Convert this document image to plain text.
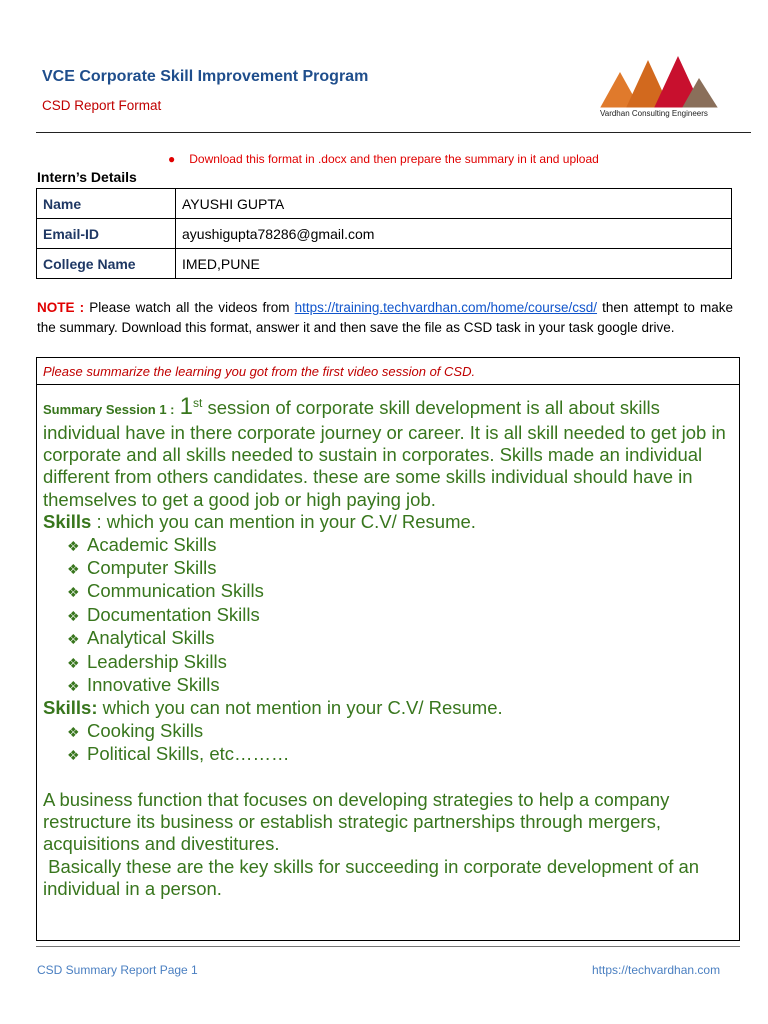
VCE Corporate Skill Improvement Program
CSD Report Format
Vardhan Consulting Engineers
● Download this format in .docx and then prepare the summary in it and upload
Intern’s Details
Name	AYUSHI GUPTA
Email-ID	ayushigupta78286@gmail.com
College Name	IMED,PUNE
NOTE : Please watch all the videos from https://training.techvardhan.com/home/course/csd/ then attempt to make the summary. Download this format, answer it and then save the file as CSD task in your task google drive.
Please summarize the learning you got from the first video session of CSD.

Summary Session 1 : 1st session of corporate skill development is all about skills individual have in there corporate journey or career. It is all skill needed to get job in corporate and all skills needed to sustain in corporates. Skills made an individual different from others candidates. these are some skills individual should have in themselves to get a good job or high paying job.

Skills : which you can mention in your C.V/ Resume.

❖ Academic Skills
❖ Computer Skills
❖ Communication Skills
❖ Documentation Skills
❖ Analytical Skills
❖ Leadership Skills
❖ Innovative Skills

Skills: which you can not mention in your C.V/ Resume.

❖ Cooking Skills
❖ Political Skills, etc………

A business function that focuses on developing strategies to help a company restructure its business or establish strategic partnerships through mergers, acquisitions and divestitures.

Basically these are the key skills for succeeding in corporate development of an individual in a person.

CSD Summary Report Page 1	https://techvardhan.com
